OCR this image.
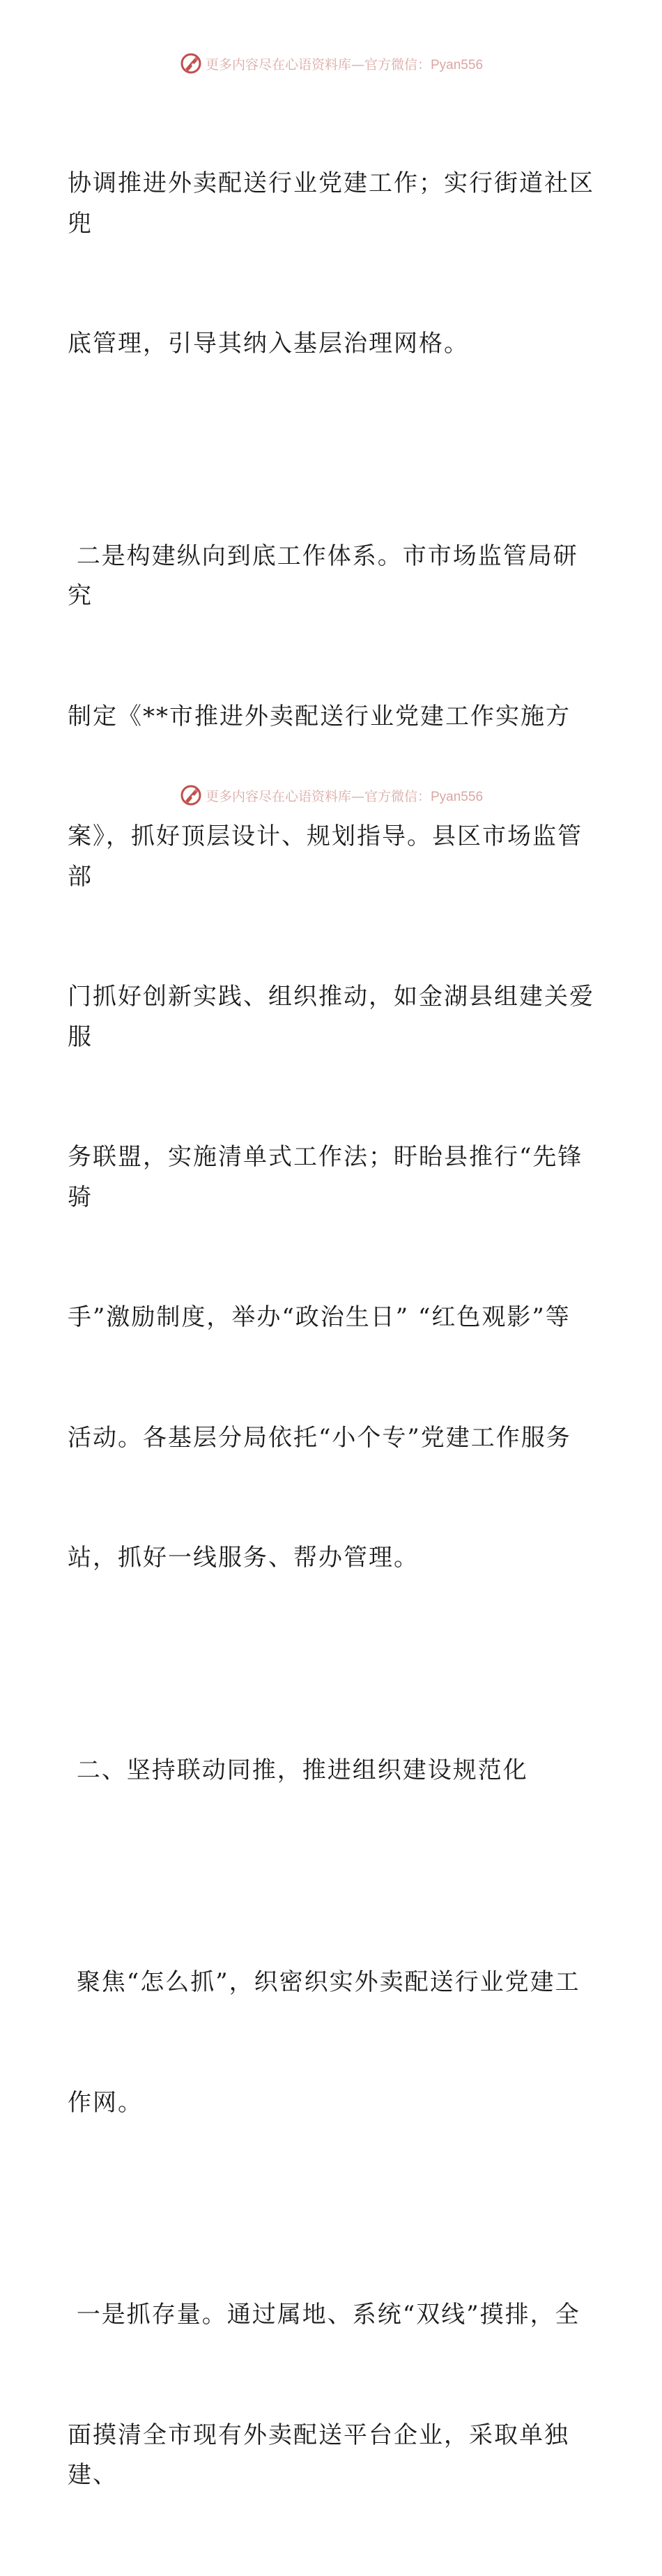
更多内容尽在心语资料库— 官方微信：Pyan556

协调推进外卖配送行业党建工作；实行街道社区兜

底管理，引导其纳入基层治理网格。

二是构建纵向到底工作体系。市市场监管局研究

制定《**市推进外卖配送行业党建工作实施方

案》，抓好顶层设计、规划指导。县区市场监管部

门抓好创新实践、组织推动，如金湖县组建关爱服

务联盟，实施清单式工作法；盱眙县推行“先锋骑

手”激励制度，举办“政治生日” “红色观影”等

活动。各基层分局依托“小个专”党建工作服务

站，抓好一线服务、帮办管理。

二、坚持联动同推，推进组织建设规范化

聚焦“怎么抓”，织密织实外卖配送行业党建工

作网。

一是抓存量。通过属地、系统“双线”摸排，全

面摸清全市现有外卖配送平台企业，采取单独建、

更多内容尽在心语资料库— 官方微信：Pyan556
